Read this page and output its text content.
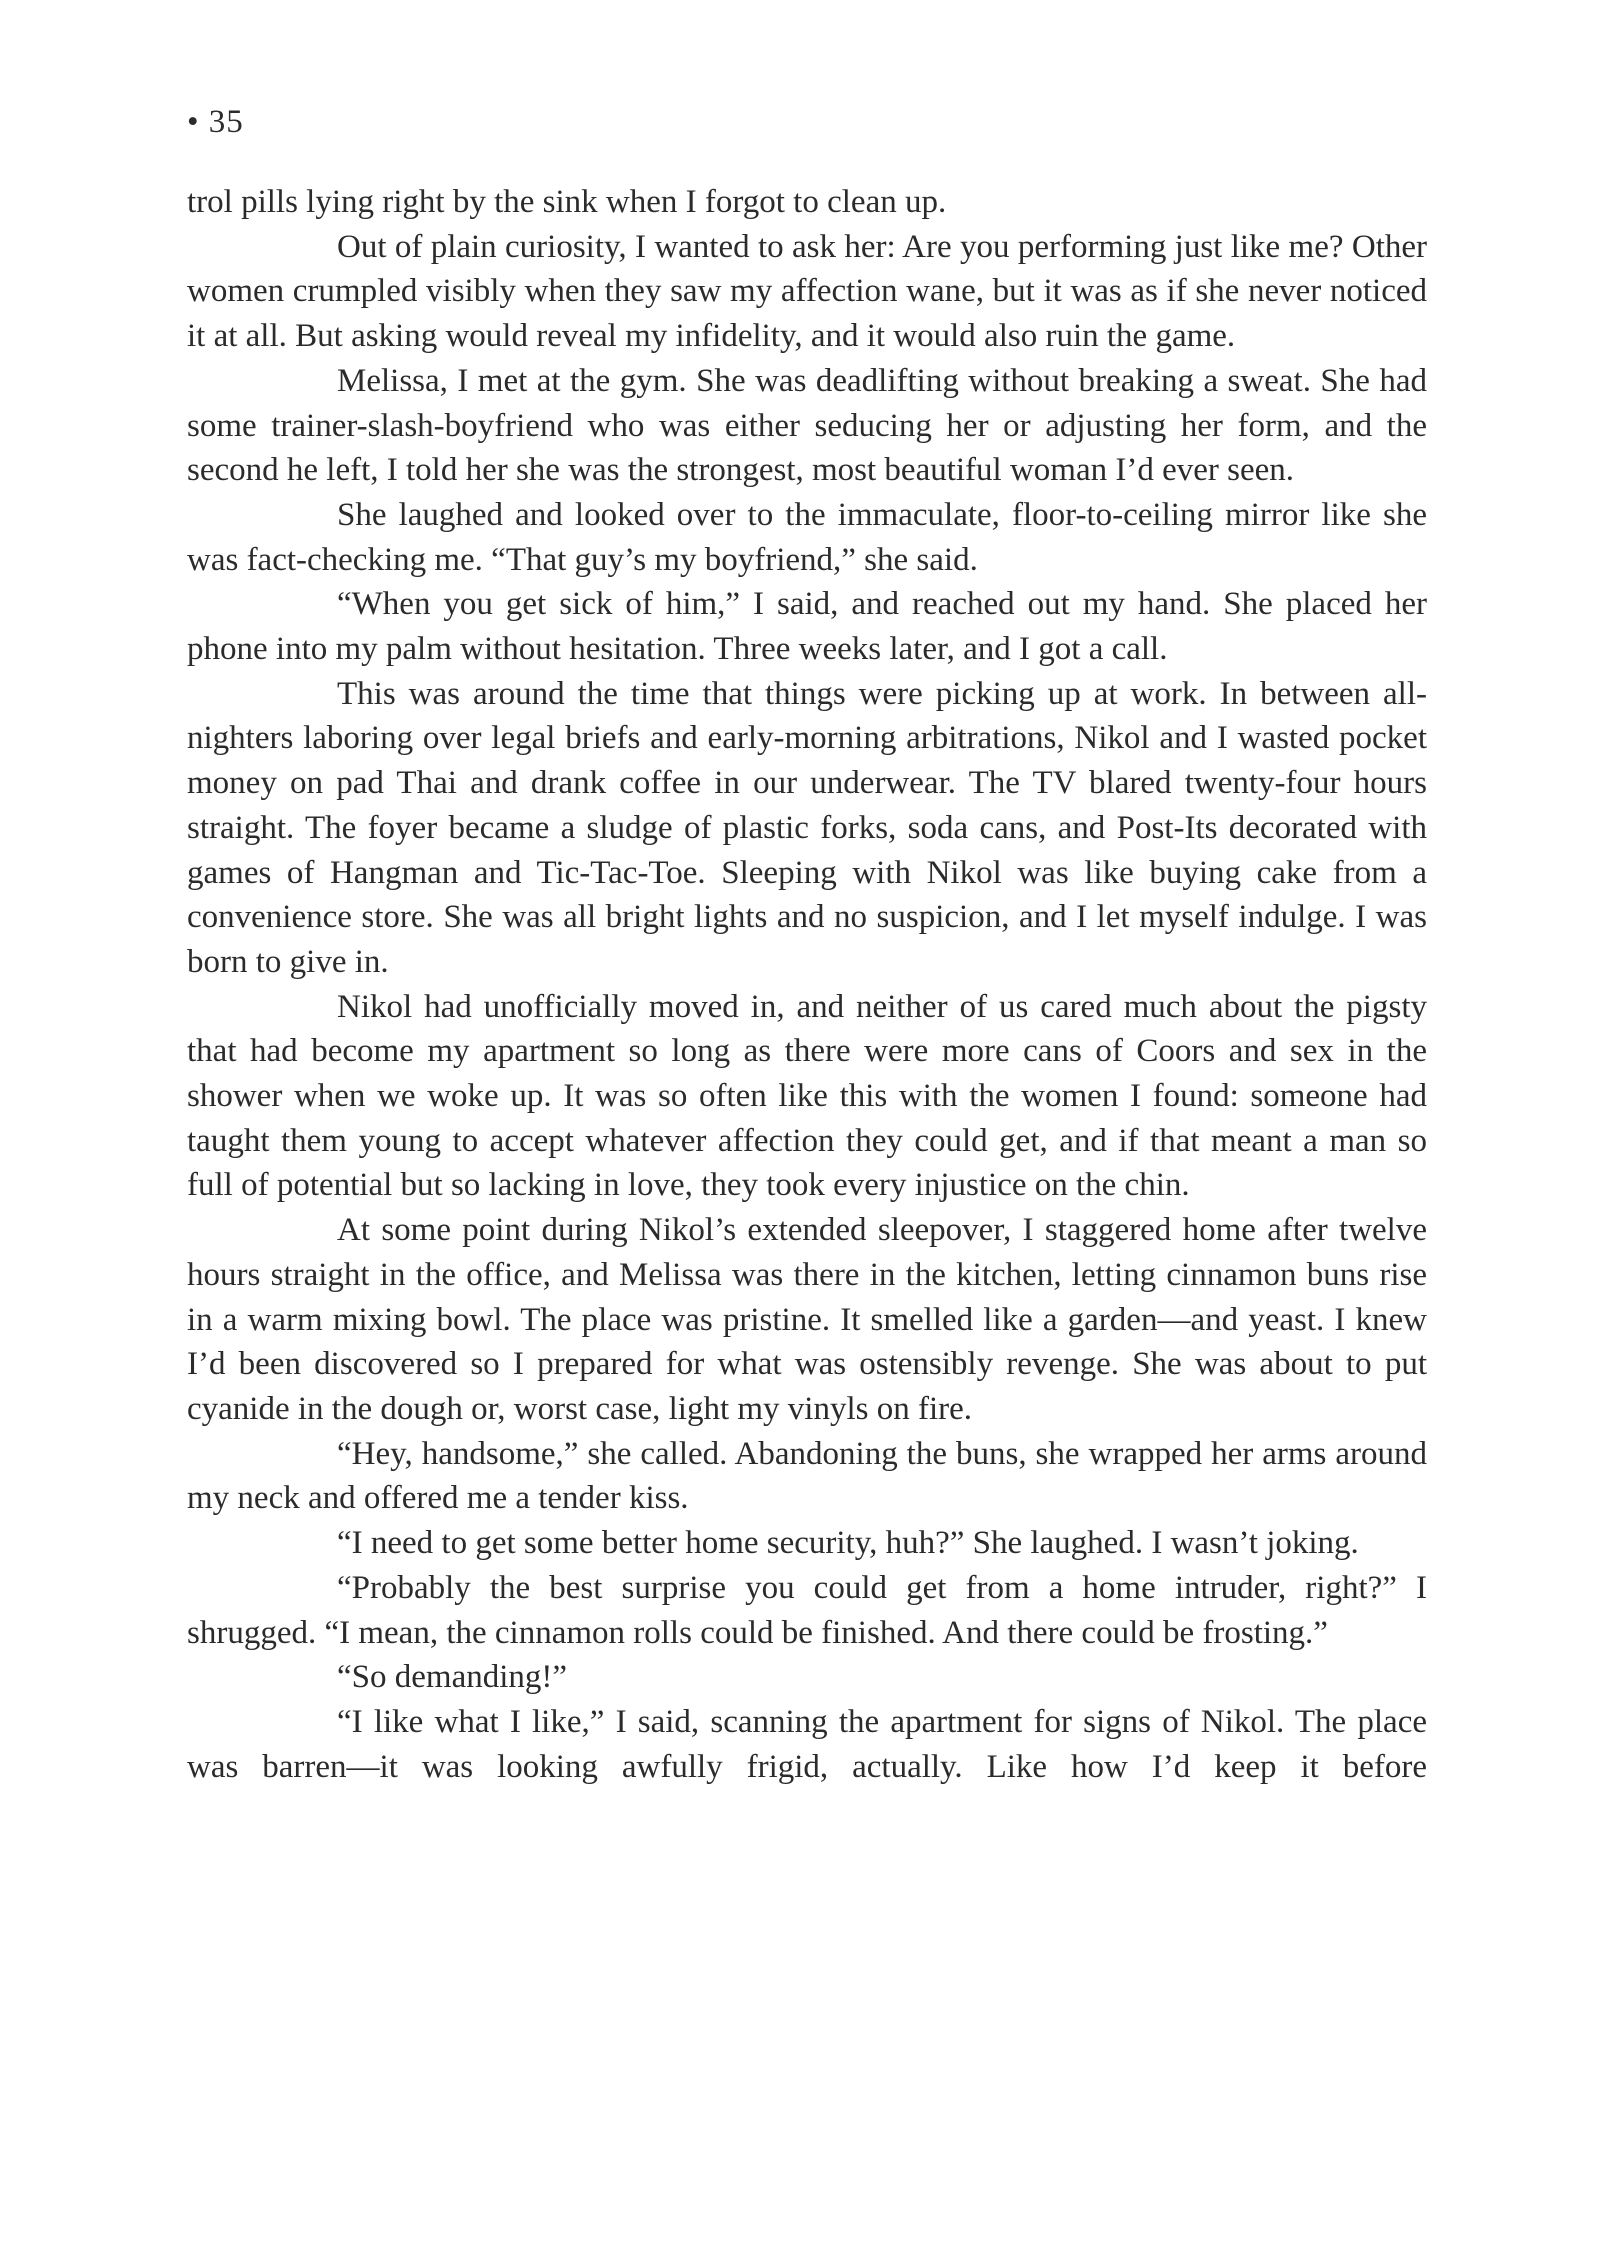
• 35

trol pills lying right by the sink when I forgot to clean up.

Out of plain curiosity, I wanted to ask her: Are you performing just like me? Other women crumpled visibly when they saw my affection wane, but it was as if she never noticed it at all. But asking would reveal my infidelity, and it would also ruin the game.

Melissa, I met at the gym. She was deadlifting without breaking a sweat. She had some trainer-slash-boyfriend who was either seducing her or adjusting her form, and the second he left, I told her she was the strongest, most beautiful woman I’d ever seen.

She laughed and looked over to the immaculate, floor-to-ceiling mirror like she was fact-checking me. “That guy’s my boyfriend,” she said.

“When you get sick of him,” I said, and reached out my hand. She placed her phone into my palm without hesitation. Three weeks later, and I got a call.

This was around the time that things were picking up at work. In between all-nighters laboring over legal briefs and early-morning arbitrations, Nikol and I wasted pocket money on pad Thai and drank coffee in our underwear. The TV blared twenty-four hours straight. The foyer became a sludge of plastic forks, soda cans, and Post-Its decorated with games of Hangman and Tic-Tac-Toe. Sleeping with Nikol was like buying cake from a convenience store. She was all bright lights and no suspicion, and I let myself indulge. I was born to give in.

Nikol had unofficially moved in, and neither of us cared much about the pigsty that had become my apartment so long as there were more cans of Coors and sex in the shower when we woke up. It was so often like this with the women I found: someone had taught them young to accept whatever affection they could get, and if that meant a man so full of potential but so lacking in love, they took every injustice on the chin.

At some point during Nikol’s extended sleepover, I staggered home after twelve hours straight in the office, and Melissa was there in the kitchen, letting cinnamon buns rise in a warm mixing bowl. The place was pristine. It smelled like a garden—and yeast. I knew I’d been discovered so I prepared for what was ostensibly revenge. She was about to put cyanide in the dough or, worst case, light my vinyls on fire.

“Hey, handsome,” she called. Abandoning the buns, she wrapped her arms around my neck and offered me a tender kiss.

“I need to get some better home security, huh?” She laughed. I wasn’t joking.

“Probably the best surprise you could get from a home intruder, right?” I shrugged. “I mean, the cinnamon rolls could be finished. And there could be frosting.”

“So demanding!”

“I like what I like,” I said, scanning the apartment for signs of Nikol. The place was barren—it was looking awfully frigid, actually. Like how I’d keep it before
